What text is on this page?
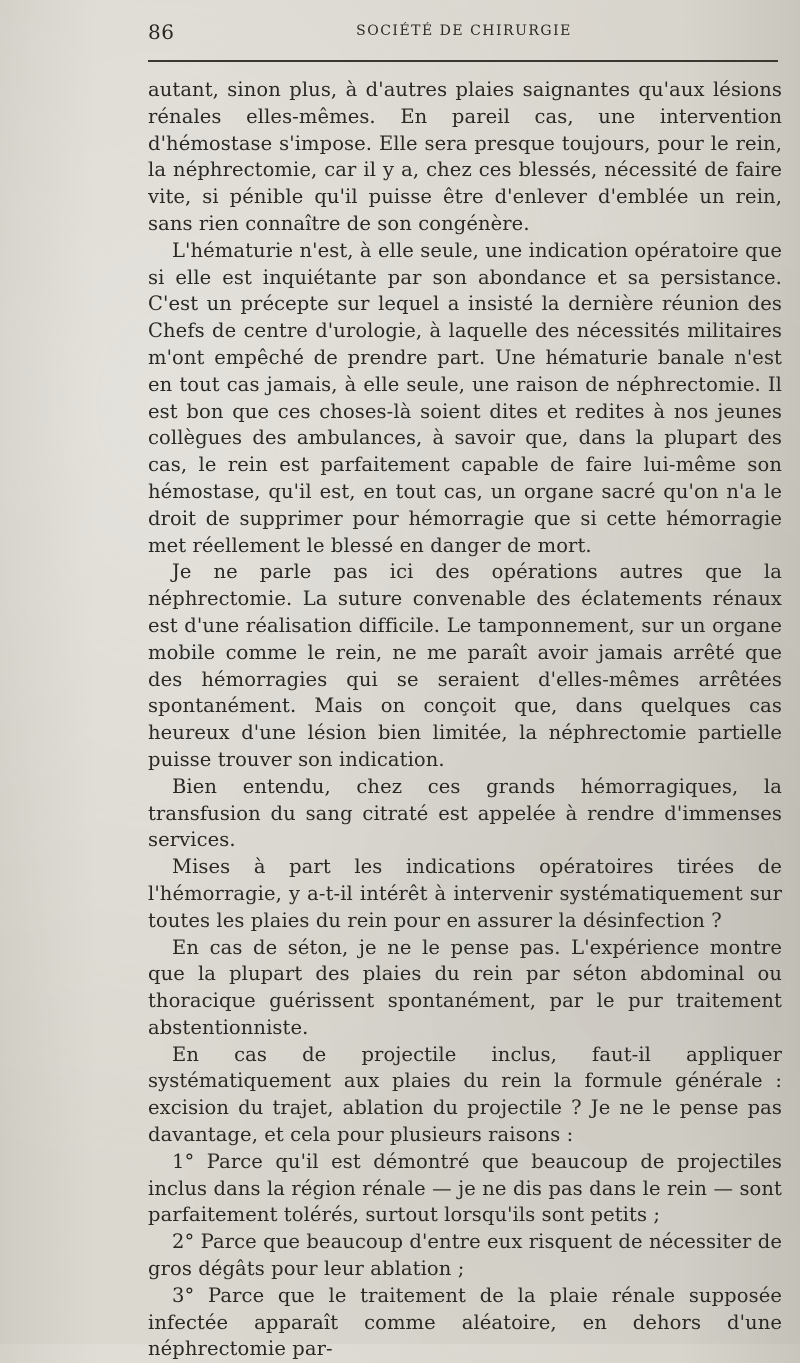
86	SOCIÉTÉ DE CHIRURGIE

autant, sinon plus, à d'autres plaies saignantes qu'aux lésions rénales elles-mêmes. En pareil cas, une intervention d'hémostase s'impose. Elle sera presque toujours, pour le rein, la néphrectomie, car il y a, chez ces blessés, nécessité de faire vite, si pénible qu'il puisse être d'enlever d'emblée un rein, sans rien connaître de son congénère.

L'hématurie n'est, à elle seule, une indication opératoire que si elle est inquiétante par son abondance et sa persistance. C'est un précepte sur lequel a insisté la dernière réunion des Chefs de centre d'urologie, à laquelle des nécessités militaires m'ont empêché de prendre part. Une hématurie banale n'est en tout cas jamais, à elle seule, une raison de néphrectomie. Il est bon que ces choses-là soient dites et redites à nos jeunes collègues des ambulances, à savoir que, dans la plupart des cas, le rein est parfaitement capable de faire lui-même son hémostase, qu'il est, en tout cas, un organe sacré qu'on n'a le droit de supprimer pour hémorragie que si cette hémorragie met réellement le blessé en danger de mort.

Je ne parle pas ici des opérations autres que la néphrectomie. La suture convenable des éclatements rénaux est d'une réalisation difficile. Le tamponnement, sur un organe mobile comme le rein, ne me paraît avoir jamais arrêté que des hémorragies qui se seraient d'elles-mêmes arrêtées spontanément. Mais on conçoit que, dans quelques cas heureux d'une lésion bien limitée, la néphrectomie partielle puisse trouver son indication.

Bien entendu, chez ces grands hémorragiques, la transfusion du sang citraté est appelée à rendre d'immenses services.

Mises à part les indications opératoires tirées de l'hémorragie, y a-t-il intérêt à intervenir systématiquement sur toutes les plaies du rein pour en assurer la désinfection ?

En cas de séton, je ne le pense pas. L'expérience montre que la plupart des plaies du rein par séton abdominal ou thoracique guérissent spontanément, par le pur traitement abstentionniste.

En cas de projectile inclus, faut-il appliquer systématiquement aux plaies du rein la formule générale : excision du trajet, ablation du projectile ? Je ne le pense pas davantage, et cela pour plusieurs raisons :

1° Parce qu'il est démontré que beaucoup de projectiles inclus dans la région rénale — je ne dis pas dans le rein — sont parfaitement tolérés, surtout lorsqu'ils sont petits ;

2° Parce que beaucoup d'entre eux risquent de nécessiter de gros dégâts pour leur ablation ;

3° Parce que le traitement de la plaie rénale supposée infectée apparaît comme aléatoire, en dehors d'une néphrectomie par-
